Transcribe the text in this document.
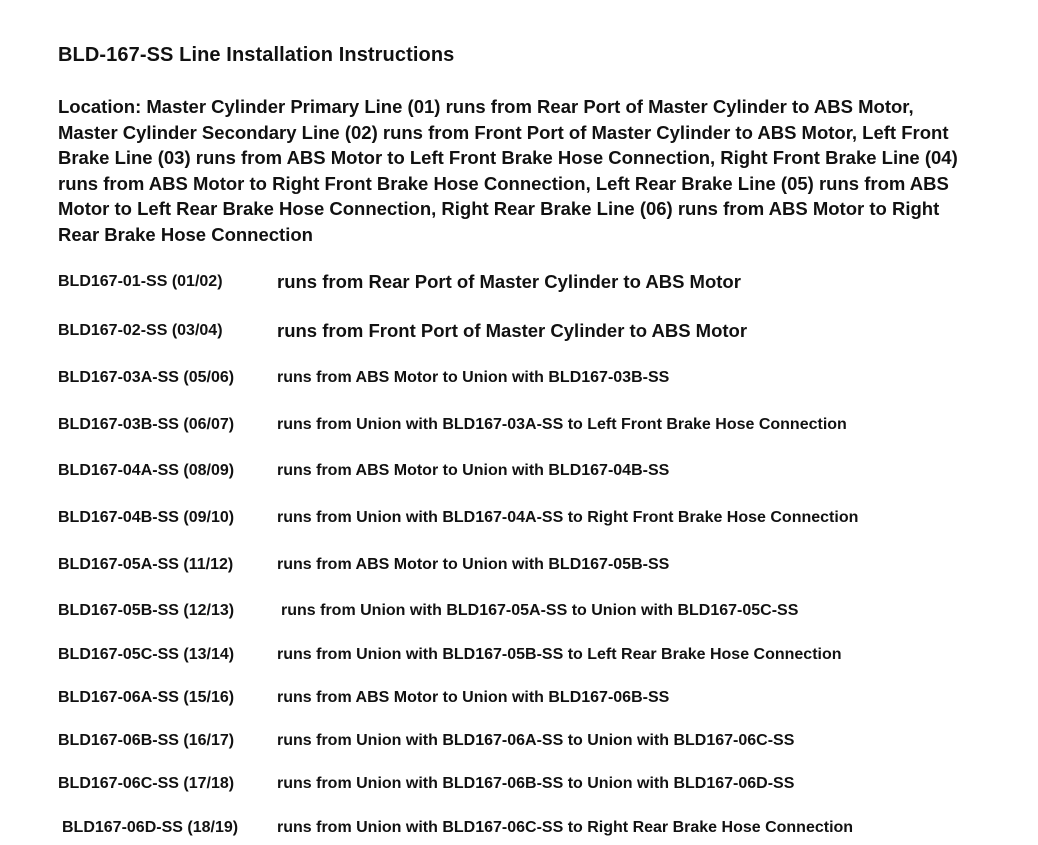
BLD-167-SS Line Installation Instructions
Location: Master Cylinder Primary Line (01) runs from Rear Port of Master Cylinder to ABS Motor, Master Cylinder Secondary Line (02) runs from Front Port of Master Cylinder to ABS Motor, Left Front Brake Line (03) runs from ABS Motor to Left Front Brake Hose Connection, Right Front Brake Line (04) runs from ABS Motor to Right Front Brake Hose Connection, Left Rear Brake Line (05) runs from ABS Motor to Left Rear Brake Hose Connection, Right Rear Brake Line (06) runs from ABS Motor to Right Rear Brake Hose Connection
BLD167-01-SS (01/02)	runs from Rear Port of Master Cylinder to ABS Motor
BLD167-02-SS (03/04)	runs from Front Port of Master Cylinder to ABS Motor
BLD167-03A-SS (05/06)	runs from ABS Motor to Union with BLD167-03B-SS
BLD167-03B-SS (06/07)	runs from Union with BLD167-03A-SS to Left Front Brake Hose Connection
BLD167-04A-SS (08/09)	runs from ABS Motor to Union with BLD167-04B-SS
BLD167-04B-SS (09/10)	runs from Union with BLD167-04A-SS to Right Front Brake Hose Connection
BLD167-05A-SS (11/12)	runs from ABS Motor to Union with BLD167-05B-SS
BLD167-05B-SS (12/13)	runs from Union with BLD167-05A-SS to Union with BLD167-05C-SS
BLD167-05C-SS (13/14)	runs from Union with BLD167-05B-SS to Left Rear Brake Hose Connection
BLD167-06A-SS (15/16)	runs from ABS Motor to Union with BLD167-06B-SS
BLD167-06B-SS (16/17)	runs from Union with BLD167-06A-SS to Union with BLD167-06C-SS
BLD167-06C-SS (17/18)	runs from Union with BLD167-06B-SS to Union with BLD167-06D-SS
BLD167-06D-SS (18/19) runs from Union with BLD167-06C-SS to Right Rear Brake Hose Connection
